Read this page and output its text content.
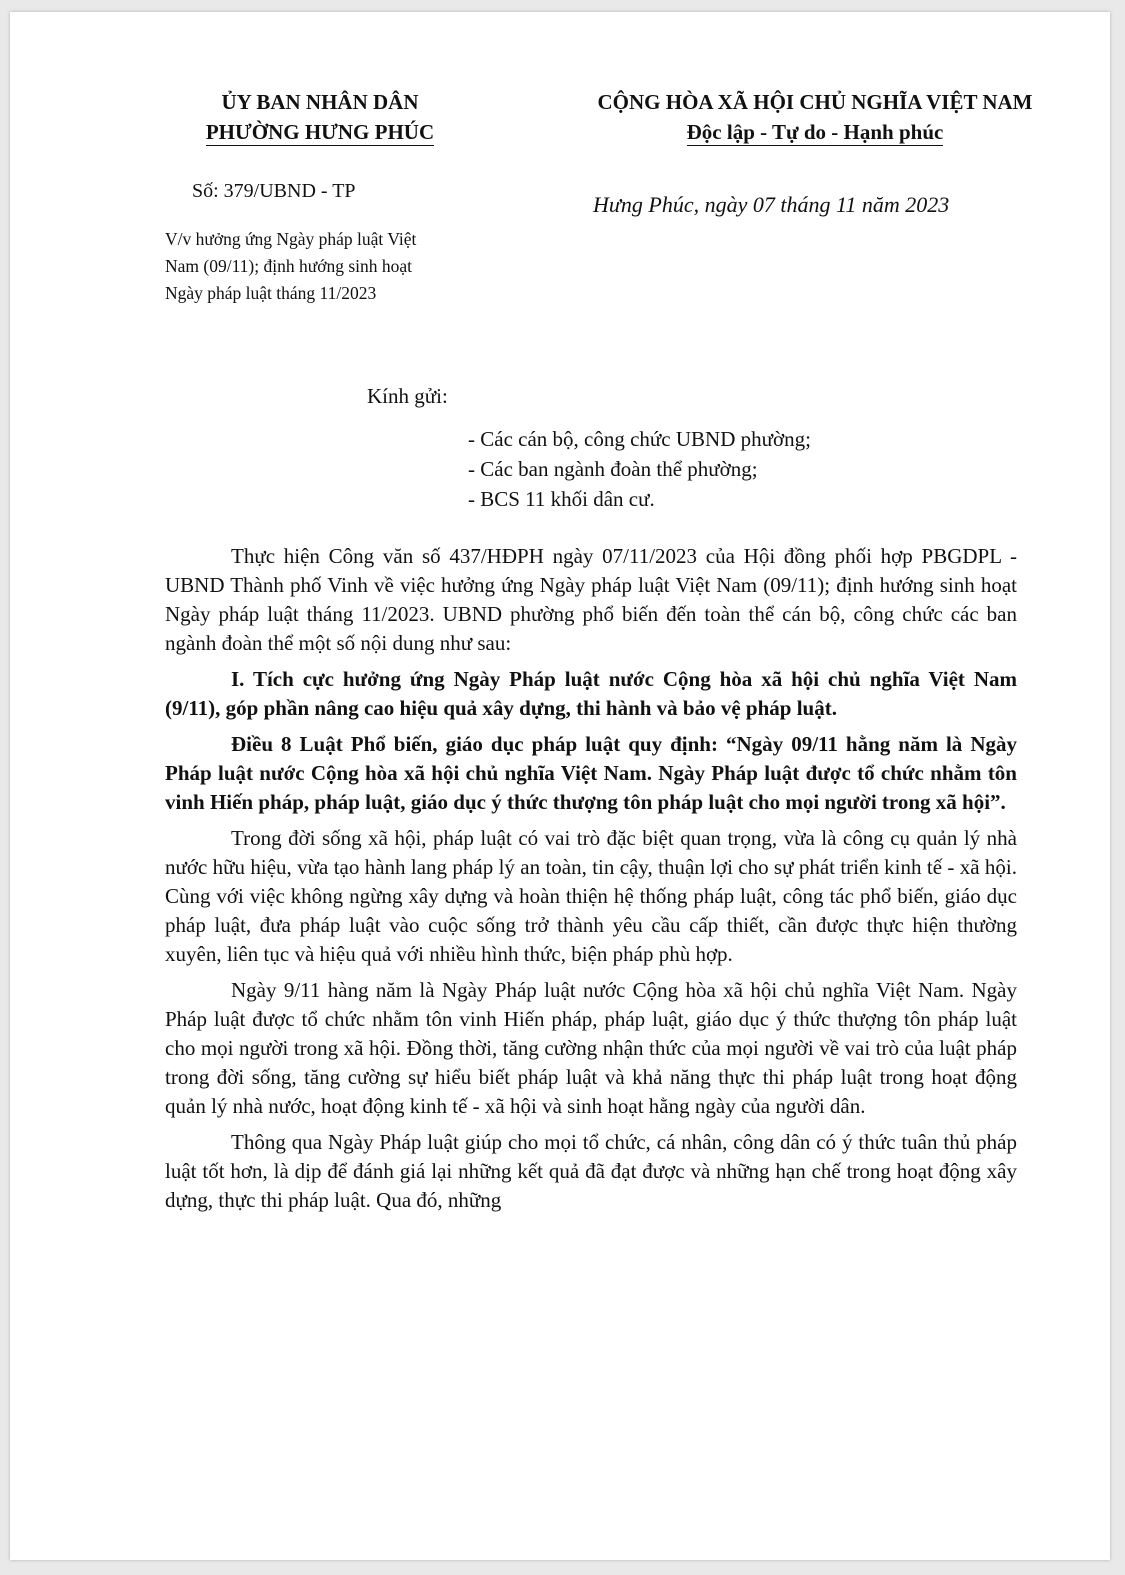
ỦY BAN NHÂN DÂN
PHƯỜNG HƯNG PHÚC
CỘNG HÒA XÃ HỘI CHỦ NGHĨA VIỆT NAM
Độc lập - Tự do - Hạnh phúc
Số: 379/UBND - TP
Hưng Phúc, ngày 07 tháng 11 năm 2023
V/v hưởng ứng Ngày pháp luật Việt
Nam (09/11); định hướng sinh hoạt
Ngày pháp luật tháng 11/2023
Kính gửi:
- Các cán bộ, công chức UBND phường;
- Các ban ngành đoàn thể phường;
- BCS 11 khối dân cư.

Thực hiện Công văn số 437/HĐPH ngày 07/11/2023 của Hội đồng phối hợp PBGDPL - UBND Thành phố Vinh về việc hưởng ứng Ngày pháp luật Việt Nam (09/11); định hướng sinh hoạt Ngày pháp luật tháng 11/2023. UBND phường phổ biến đến toàn thể cán bộ, công chức các ban ngành đoàn thể một số nội dung như sau:

I. Tích cực hưởng ứng Ngày Pháp luật nước Cộng hòa xã hội chủ nghĩa Việt Nam (9/11), góp phần nâng cao hiệu quả xây dựng, thi hành và bảo vệ pháp luật.

Điều 8 Luật Phổ biến, giáo dục pháp luật quy định: “Ngày 09/11 hằng năm là Ngày Pháp luật nước Cộng hòa xã hội chủ nghĩa Việt Nam. Ngày Pháp luật được tổ chức nhằm tôn vinh Hiến pháp, pháp luật, giáo dục ý thức thượng tôn pháp luật cho mọi người trong xã hội”.

Trong đời sống xã hội, pháp luật có vai trò đặc biệt quan trọng, vừa là công cụ quản lý nhà nước hữu hiệu, vừa tạo hành lang pháp lý an toàn, tin cậy, thuận lợi cho sự phát triển kinh tế - xã hội. Cùng với việc không ngừng xây dựng và hoàn thiện hệ thống pháp luật, công tác phổ biến, giáo dục pháp luật, đưa pháp luật vào cuộc sống trở thành yêu cầu cấp thiết, cần được thực hiện thường xuyên, liên tục và hiệu quả với nhiều hình thức, biện pháp phù hợp.

Ngày 9/11 hàng năm là Ngày Pháp luật nước Cộng hòa xã hội chủ nghĩa Việt Nam. Ngày Pháp luật được tổ chức nhằm tôn vinh Hiến pháp, pháp luật, giáo dục ý thức thượng tôn pháp luật cho mọi người trong xã hội. Đồng thời, tăng cường nhận thức của mọi người về vai trò của luật pháp trong đời sống, tăng cường sự hiểu biết pháp luật và khả năng thực thi pháp luật trong hoạt động quản lý nhà nước, hoạt động kinh tế - xã hội và sinh hoạt hằng ngày của người dân.

Thông qua Ngày Pháp luật giúp cho mọi tổ chức, cá nhân, công dân có ý thức tuân thủ pháp luật tốt hơn, là dịp để đánh giá lại những kết quả đã đạt được và những hạn chế trong hoạt động xây dựng, thực thi pháp luật. Qua đó, những
